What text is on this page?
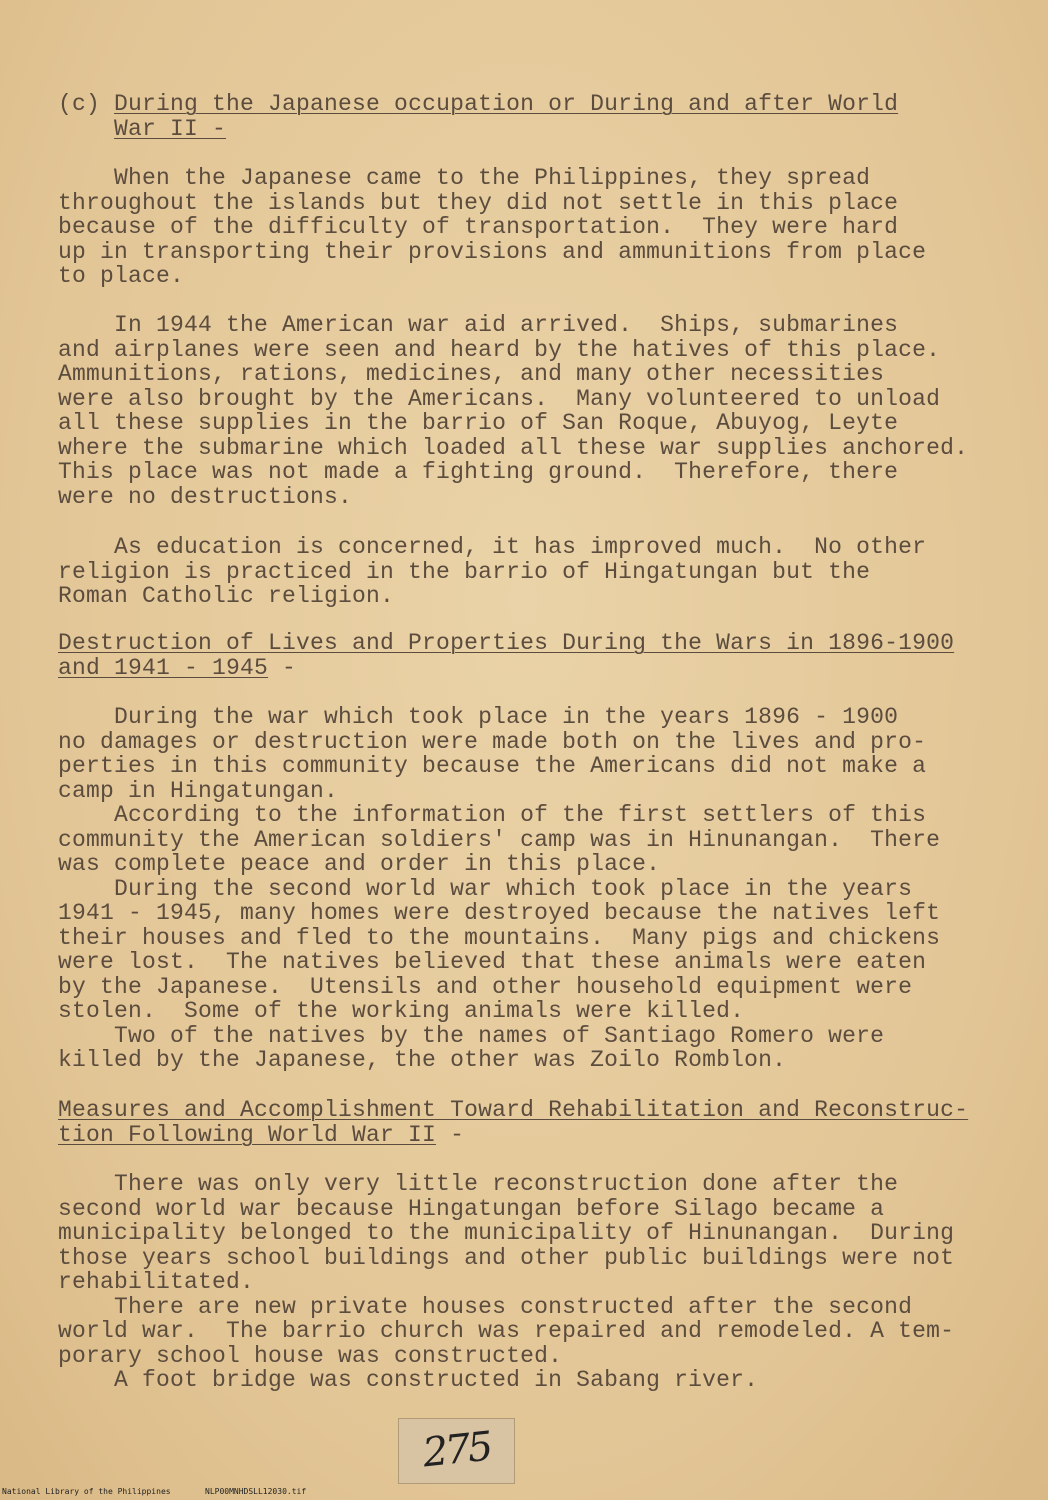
(c) During the Japanese occupation or During and after World
War II -
When the Japanese came to the Philippines, they spread
throughout the islands but they did not settle in this place
because of the difficulty of transportation.  They were hard
up in transporting their provisions and ammunitions from place
to place.
In 1944 the American war aid arrived.  Ships, submarines
and airplanes were seen and heard by the hatives of this place.
Ammunitions, rations, medicines, and many other necessities
were also brought by the Americans.  Many volunteered to unload
all these supplies in the barrio of San Roque, Abuyog, Leyte
where the submarine which loaded all these war supplies anchored.
This place was not made a fighting ground.  Therefore, there
were no destructions.
As education is concerned, it has improved much.  No other
religion is practiced in the barrio of Hingatungan but the
Roman Catholic religion.
Destruction of Lives and Properties During the Wars in 1896-1900
and 1941 - 1945 -
During the war which took place in the years 1896 - 1900
no damages or destruction were made both on the lives and pro-
perties in this community because the Americans did not make a
camp in Hingatungan.
According to the information of the first settlers of this
community the American soldiers' camp was in Hinunangan.  There
was complete peace and order in this place.
During the second world war which took place in the years
1941 - 1945, many homes were destroyed because the natives left
their houses and fled to the mountains.  Many pigs and chickens
were lost.  The natives believed that these animals were eaten
by the Japanese.  Utensils and other household equipment were
stolen.  Some of the working animals were killed.
Two of the natives by the names of Santiago Romero were
killed by the Japanese, the other was Zoilo Romblon.
Measures and Accomplishment Toward Rehabilitation and Reconstruc-
tion Following World War II -
There was only very little reconstruction done after the
second world war because Hingatungan before Silago became a
municipality belonged to the municipality of Hinunangan.  During
those years school buildings and other public buildings were not
rehabilitated.
There are new private houses constructed after the second
world war.  The barrio church was repaired and remodeled. A tem-
porary school house was constructed.
A foot bridge was constructed in Sabang river.
275
National Library of the Philippines	NLP00MNHDSLL12030.tif
